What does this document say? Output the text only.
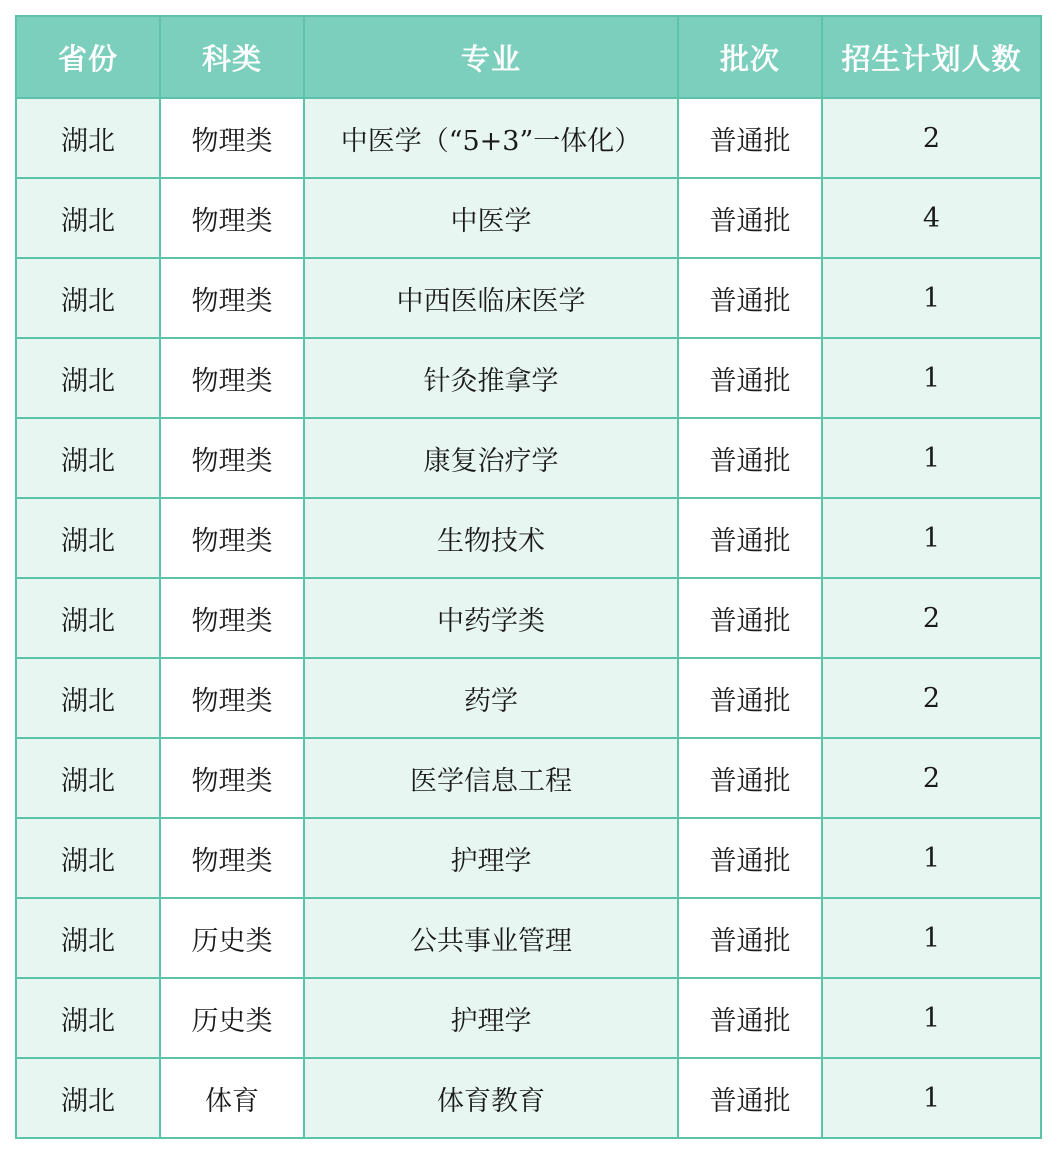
省份	科类	专业	批次	招生计划人数
湖北	物理类	中医学（“5+3”一体化）	普通批	2
湖北	物理类	中医学	普通批	4
湖北	物理类	中西医临床医学	普通批	1
湖北	物理类	针灸推拿学	普通批	1
湖北	物理类	康复治疗学	普通批	1
湖北	物理类	生物技术	普通批	1
湖北	物理类	中药学类	普通批	2
湖北	物理类	药学	普通批	2
湖北	物理类	医学信息工程	普通批	2
湖北	物理类	护理学	普通批	1
湖北	历史类	公共事业管理	普通批	1
湖北	历史类	护理学	普通批	1
湖北	体育	体育教育	普通批	1
